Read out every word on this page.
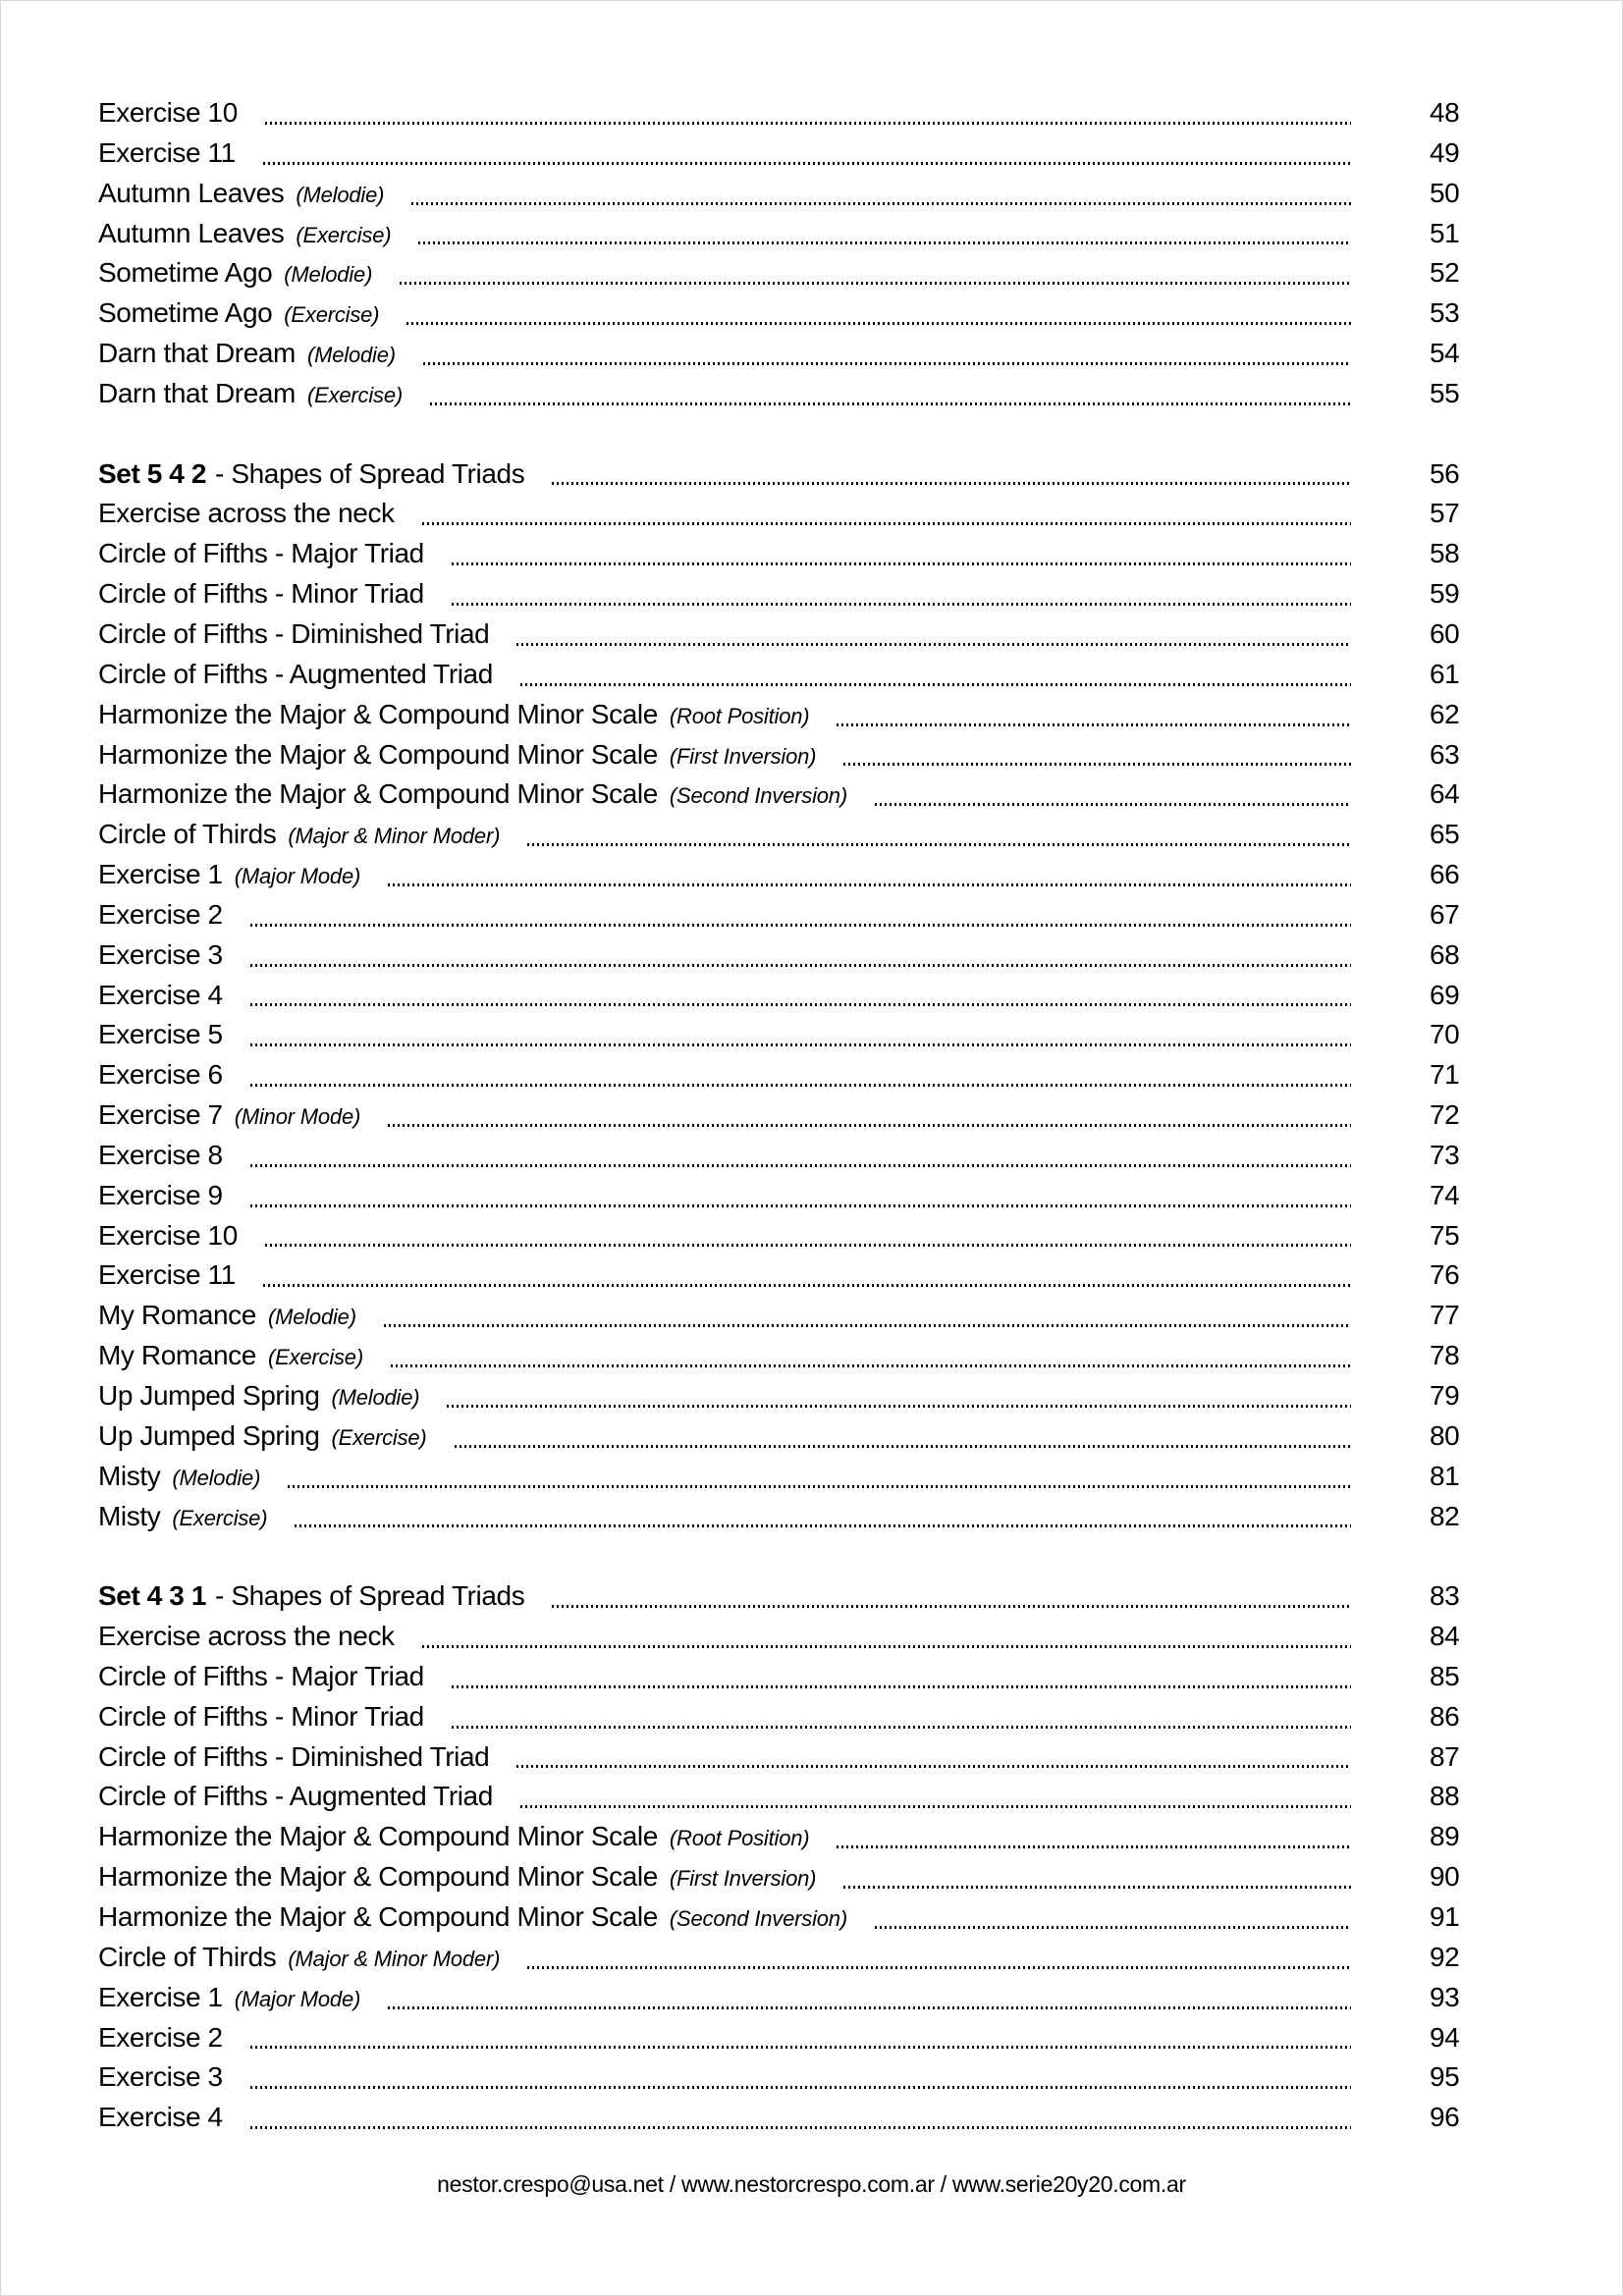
Exercise 10	48
Exercise 11	49
Autumn Leaves (Melodie)	50
Autumn Leaves (Exercise)	51
Sometime Ago (Melodie)	52
Sometime Ago (Exercise)	53
Darn that Dream (Melodie)	54
Darn that Dream (Exercise)	55
Set 5 4 2 - Shapes of Spread Triads	56
Exercise across the neck	57
Circle of Fifths - Major Triad	58
Circle of Fifths - Minor Triad	59
Circle of Fifths - Diminished Triad	60
Circle of Fifths - Augmented Triad	61
Harmonize the Major & Compound Minor Scale (Root Position)	62
Harmonize the Major & Compound Minor Scale (First Inversion)	63
Harmonize the Major & Compound Minor Scale (Second Inversion)	64
Circle of Thirds (Major & Minor Moder)	65
Exercise 1 (Major Mode)	66
Exercise 2	67
Exercise 3	68
Exercise 4	69
Exercise 5	70
Exercise 6	71
Exercise 7 (Minor Mode)	72
Exercise 8	73
Exercise 9	74
Exercise 10	75
Exercise 11	76
My Romance (Melodie)	77
My Romance (Exercise)	78
Up Jumped Spring (Melodie)	79
Up Jumped Spring (Exercise)	80
Misty (Melodie)	81
Misty (Exercise)	82
Set 4 3 1 - Shapes of Spread Triads	83
Exercise across the neck	84
Circle of Fifths - Major Triad	85
Circle of Fifths - Minor Triad	86
Circle of Fifths - Diminished Triad	87
Circle of Fifths - Augmented Triad	88
Harmonize the Major & Compound Minor Scale (Root Position)	89
Harmonize the Major & Compound Minor Scale (First Inversion)	90
Harmonize the Major & Compound Minor Scale (Second Inversion)	91
Circle of Thirds (Major & Minor Moder)	92
Exercise 1 (Major Mode)	93
Exercise 2	94
Exercise 3	95
Exercise 4	96
nestor.crespo@usa.net / www.nestorcrespo.com.ar / www.serie20y20.com.ar
